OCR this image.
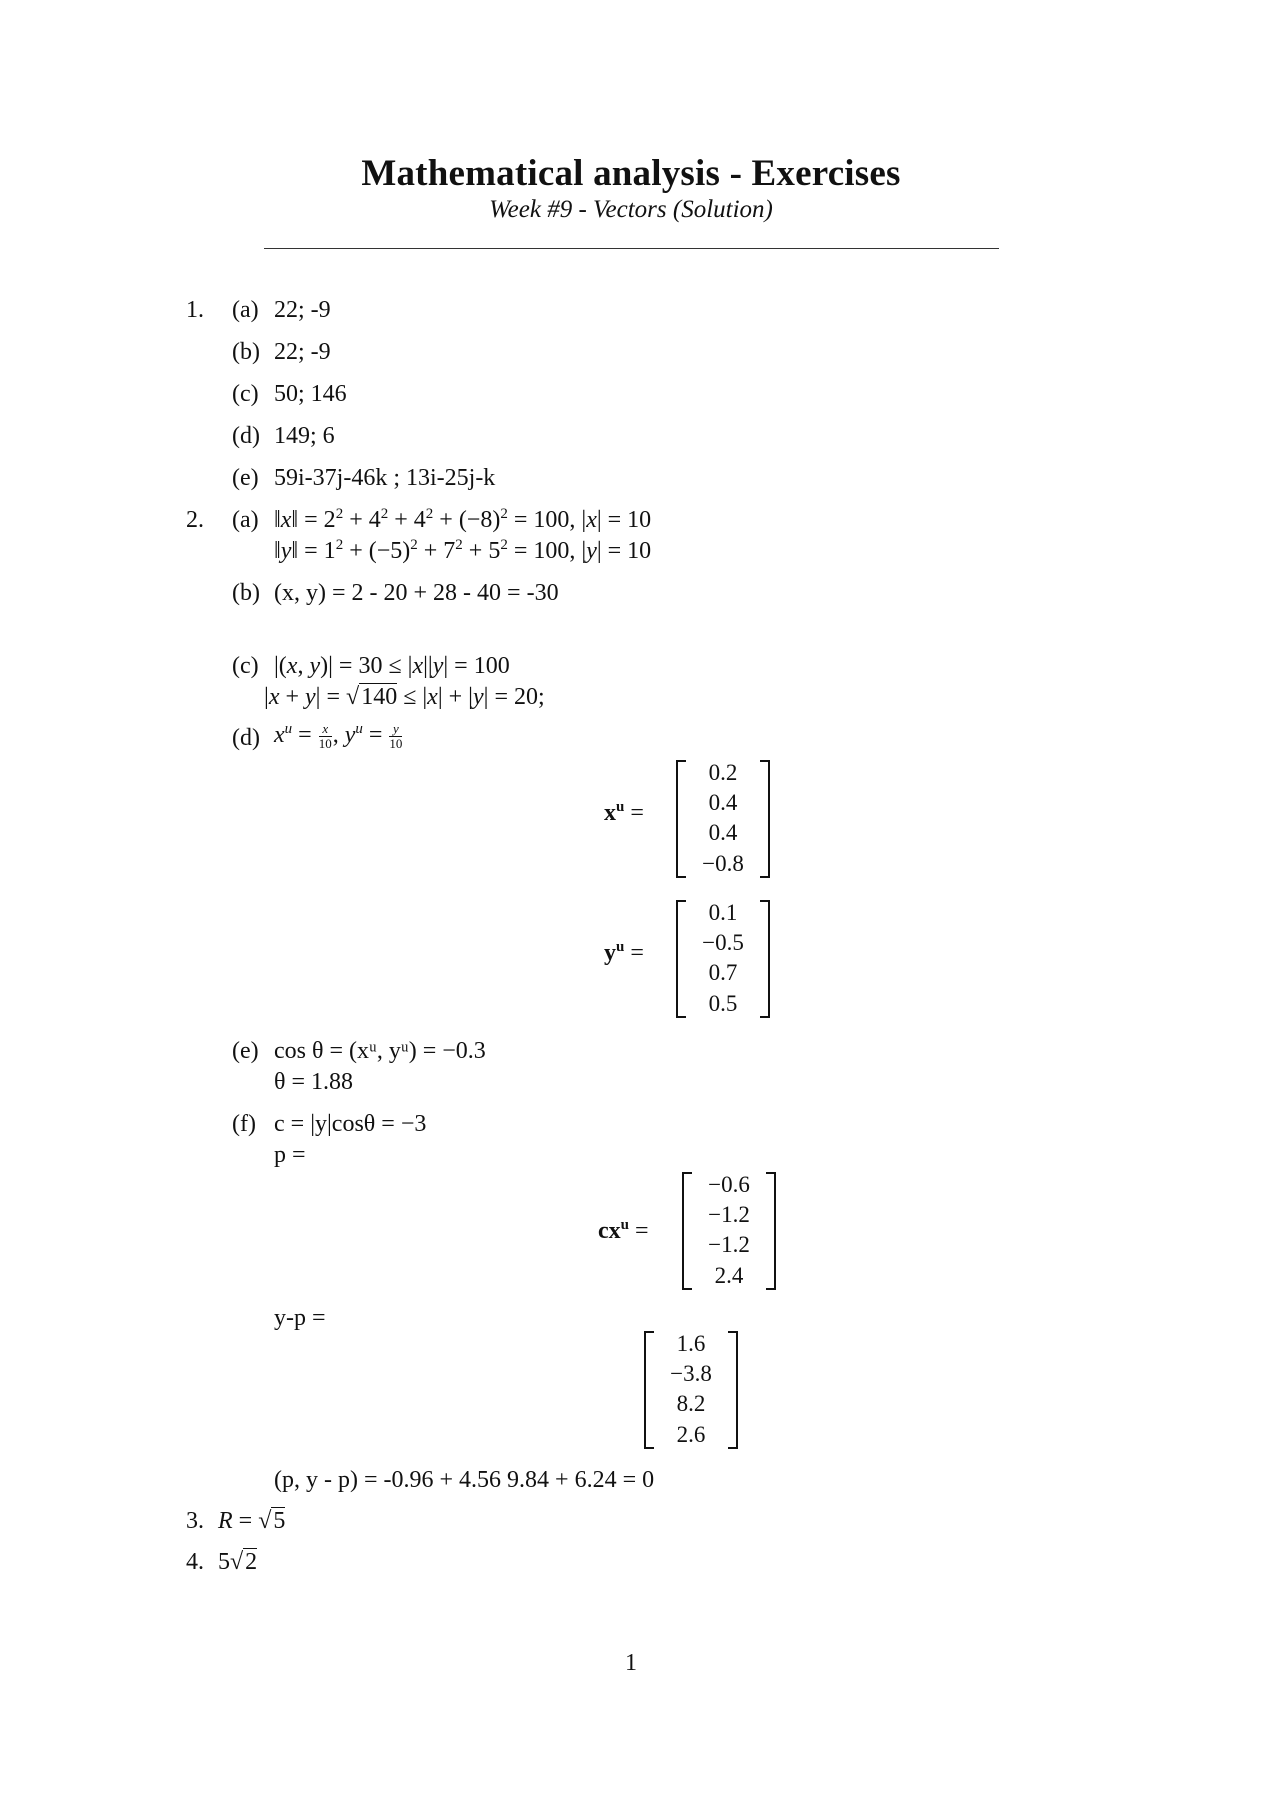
Mathematical analysis - Exercises
Week #9 - Vectors (Solution)
1. (a) 22; -9
(b) 22; -9
(c) 50; 146
(d) 149; 6
(e) 59i-37j-46k ; 13i-25j-k
2. (a) ‖x‖ = $2^2 + 4^2 + 4^2 + (-8)^2 = 100$, |x| = 10
‖y‖ = $1^2 + (-5)^2 + 7^2 + 5^2 = 100$, |y| = 10
(b) (x, y) = 2 - 20 + 28 - 40 = -30
(c) |(x, y)| = 30 ≤ |x||y| = 100
|x + y| = √140 ≤ |x| + |y| = 20;
(d) $x^u = \frac{x}{10}$ , $y^u = \frac{y}{10}$
$x^u$ =
0.2
0.4
0.4
−0.8
$y^u$ =
0.1
−0.5
0.7
0.5
(e) cos θ = (xᵘ, yᵘ) = −0.3
θ = 1.88
(f) c = |y|cosθ = −3
p =
$cx^u$ =
−0.6
−1.2
−1.2
2.4
y-p =
1.6
−3.8
8.2
2.6
(p, y - p) = -0.96 + 4.56 9.84 + 6.24 = 0
3. R = √5
4. 5√2
1
